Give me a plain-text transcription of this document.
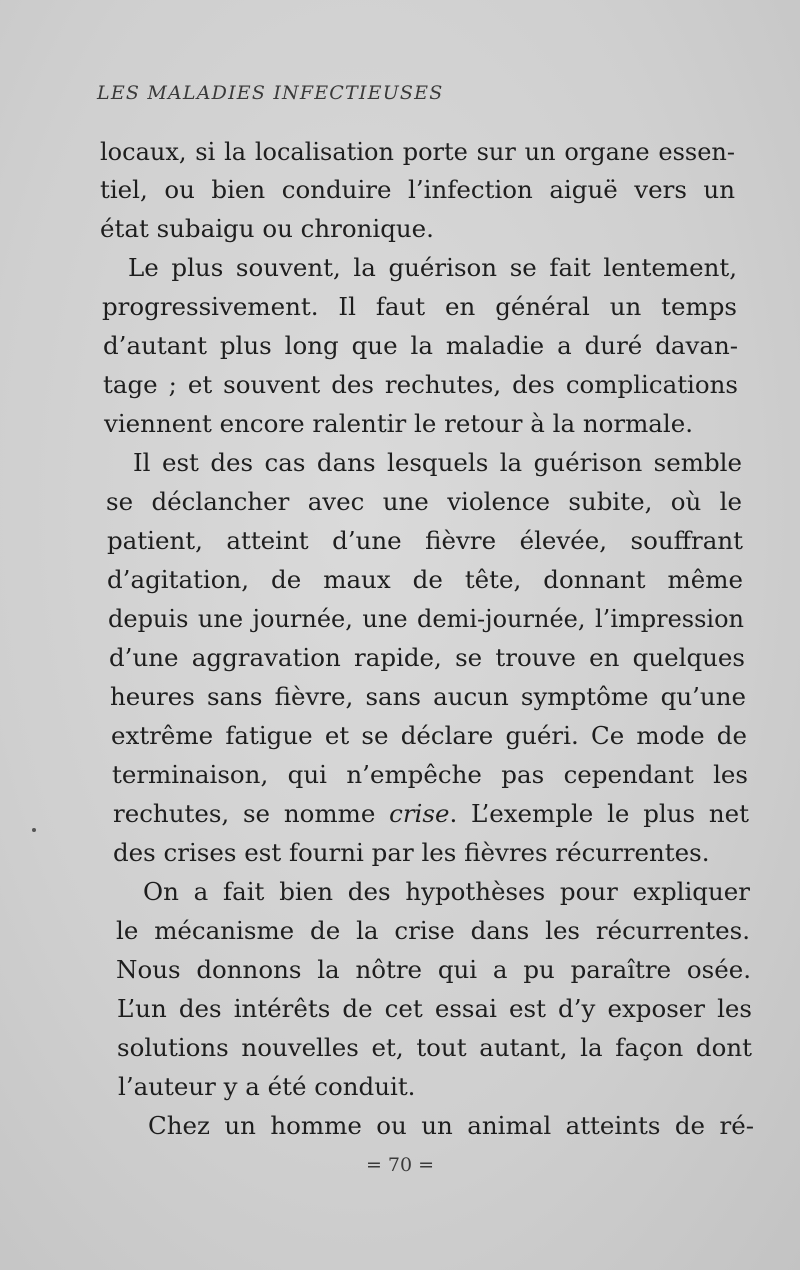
LES MALADIES INFECTIEUSES
locaux, si la localisation porte sur un organe essen-
tiel, ou bien conduire l’infection aiguë vers un
état subaigu ou chronique.
Le plus souvent, la guérison se fait lentement,
progressivement. Il faut en général un temps
d’autant plus long que la maladie a duré davan-
tage ; et souvent des rechutes, des complications
viennent encore ralentir le retour à la normale.
Il est des cas dans lesquels la guérison semble
se déclancher avec une violence subite, où le
patient, atteint d’une fièvre élevée, souffrant
d’agitation, de maux de tête, donnant même
depuis une journée, une demi-journée, l’impression
d’une aggravation rapide, se trouve en quelques
heures sans fièvre, sans aucun symptôme qu’une
extrême fatigue et se déclare guéri. Ce mode de
terminaison, qui n’empêche pas cependant les
rechutes, se nomme crise. L’exemple le plus net
des crises est fourni par les fièvres récurrentes.
On a fait bien des hypothèses pour expliquer
le mécanisme de la crise dans les récurrentes.
Nous donnons la nôtre qui a pu paraître osée.
L’un des intérêts de cet essai est d’y exposer les
solutions nouvelles et, tout autant, la façon dont
l’auteur y a été conduit.
Chez un homme ou un animal atteints de ré-
= 70 =
